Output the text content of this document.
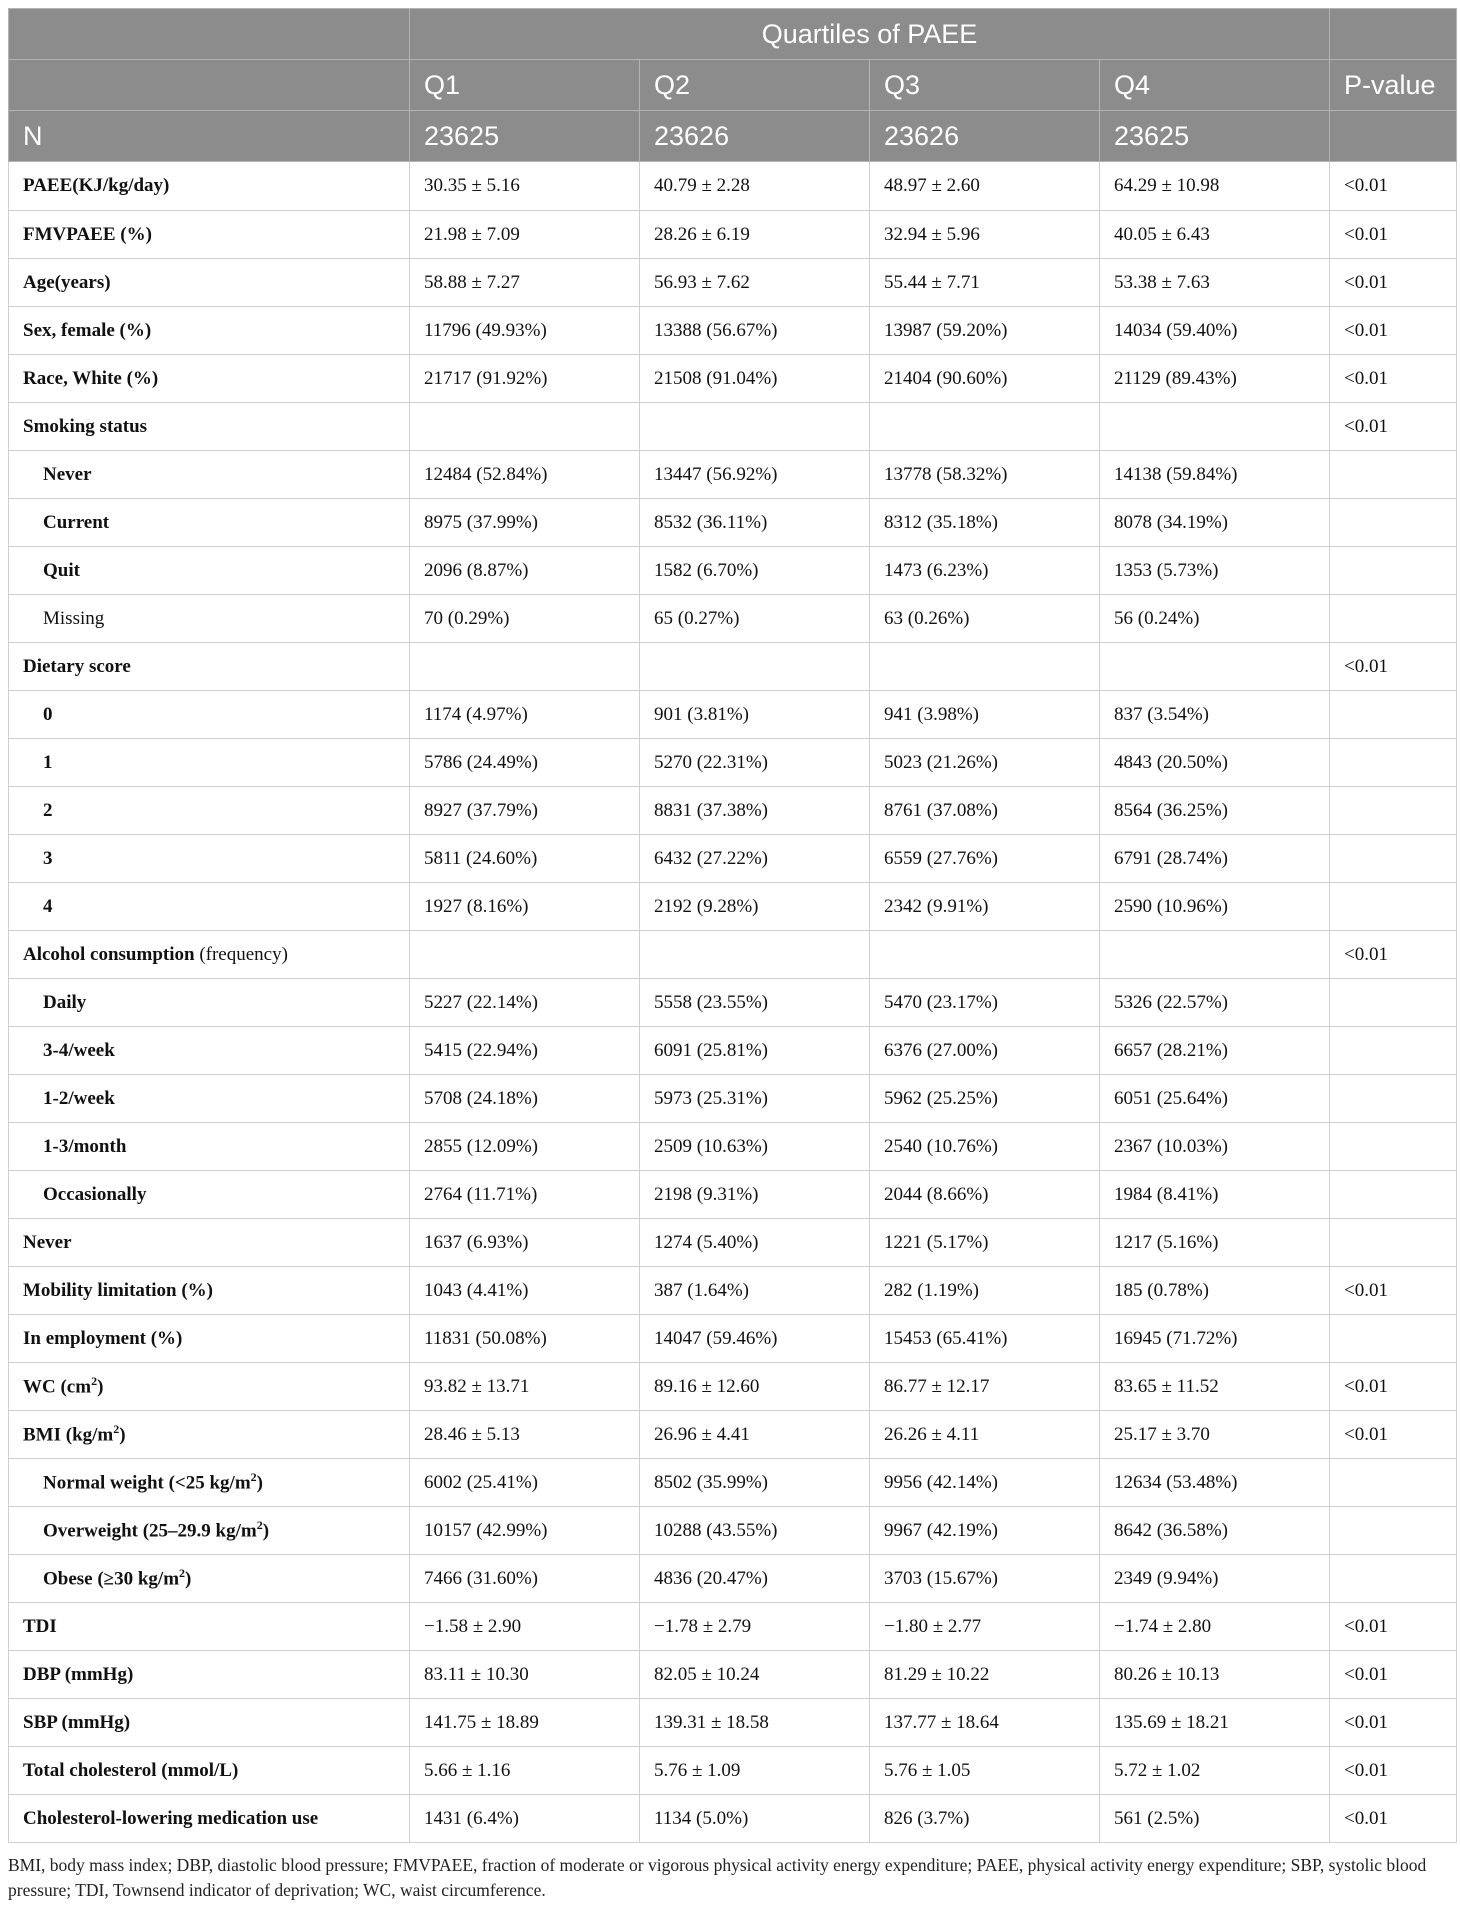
	Quartiles of PAEE				
	Q1	Q2	Q3	Q4	P-value
N	23625	23626	23626	23625	
PAEE(KJ/kg/day)	30.35 ± 5.16	40.79 ± 2.28	48.97 ± 2.60	64.29 ± 10.98	<0.01
FMVPAEE (%)	21.98 ± 7.09	28.26 ± 6.19	32.94 ± 5.96	40.05 ± 6.43	<0.01
Age(years)	58.88 ± 7.27	56.93 ± 7.62	55.44 ± 7.71	53.38 ± 7.63	<0.01
Sex, female (%)	11796 (49.93%)	13388 (56.67%)	13987 (59.20%)	14034 (59.40%)	<0.01
Race, White (%)	21717 (91.92%)	21508 (91.04%)	21404 (90.60%)	21129 (89.43%)	<0.01
Smoking status					<0.01
Never	12484 (52.84%)	13447 (56.92%)	13778 (58.32%)	14138 (59.84%)	
Current	8975 (37.99%)	8532 (36.11%)	8312 (35.18%)	8078 (34.19%)	
Quit	2096 (8.87%)	1582 (6.70%)	1473 (6.23%)	1353 (5.73%)	
Missing	70 (0.29%)	65 (0.27%)	63 (0.26%)	56 (0.24%)	
Dietary score					<0.01
0	1174 (4.97%)	901 (3.81%)	941 (3.98%)	837 (3.54%)	
1	5786 (24.49%)	5270 (22.31%)	5023 (21.26%)	4843 (20.50%)	
2	8927 (37.79%)	8831 (37.38%)	8761 (37.08%)	8564 (36.25%)	
3	5811 (24.60%)	6432 (27.22%)	6559 (27.76%)	6791 (28.74%)	
4	1927 (8.16%)	2192 (9.28%)	2342 (9.91%)	2590 (10.96%)	
Alcohol consumption (frequency)					<0.01
Daily	5227 (22.14%)	5558 (23.55%)	5470 (23.17%)	5326 (22.57%)	
3-4/week	5415 (22.94%)	6091 (25.81%)	6376 (27.00%)	6657 (28.21%)	
1-2/week	5708 (24.18%)	5973 (25.31%)	5962 (25.25%)	6051 (25.64%)	
1-3/month	2855 (12.09%)	2509 (10.63%)	2540 (10.76%)	2367 (10.03%)	
Occasionally	2764 (11.71%)	2198 (9.31%)	2044 (8.66%)	1984 (8.41%)	
Never	1637 (6.93%)	1274 (5.40%)	1221 (5.17%)	1217 (5.16%)	
Mobility limitation (%)	1043 (4.41%)	387 (1.64%)	282 (1.19%)	185 (0.78%)	<0.01
In employment (%)	11831 (50.08%)	14047 (59.46%)	15453 (65.41%)	16945 (71.72%)	
WC $(cm^2)$	93.82 ± 13.71	89.16 ± 12.60	86.77 ± 12.17	83.65 ± 11.52	<0.01
BMI $(kg/m^2)$	28.46 ± 5.13	26.96 ± 4.41	26.26 ± 4.11	25.17 ± 3.70	<0.01
Normal weight (<25 $kg/m^2$)	6002 (25.41%)	8502 (35.99%)	9956 (42.14%)	12634 (53.48%)	
Overweight (25–29.9 $kg/m^2$)	10157 (42.99%)	10288 (43.55%)	9967 (42.19%)	8642 (36.58%)	
Obese (≥30 $kg/m^2$)	7466 (31.60%)	4836 (20.47%)	3703 (15.67%)	2349 (9.94%)	
TDI	−1.58 ± 2.90	−1.78 ± 2.79	−1.80 ± 2.77	−1.74 ± 2.80	<0.01
DBP (mmHg)	83.11 ± 10.30	82.05 ± 10.24	81.29 ± 10.22	80.26 ± 10.13	<0.01
SBP (mmHg)	141.75 ± 18.89	139.31 ± 18.58	137.77 ± 18.64	135.69 ± 18.21	<0.01
Total cholesterol (mmol/L)	5.66 ± 1.16	5.76 ± 1.09	5.76 ± 1.05	5.72 ± 1.02	<0.01
Cholesterol-lowering medication use	1431 (6.4%)	1134 (5.0%)	826 (3.7%)	561 (2.5%)	<0.01
BMI, body mass index; DBP, diastolic blood pressure; FMVPAEE, fraction of moderate or vigorous physical activity energy expenditure; PAEE, physical activity energy expenditure; SBP, systolic blood pressure; TDI, Townsend indicator of deprivation; WC, waist circumference.
